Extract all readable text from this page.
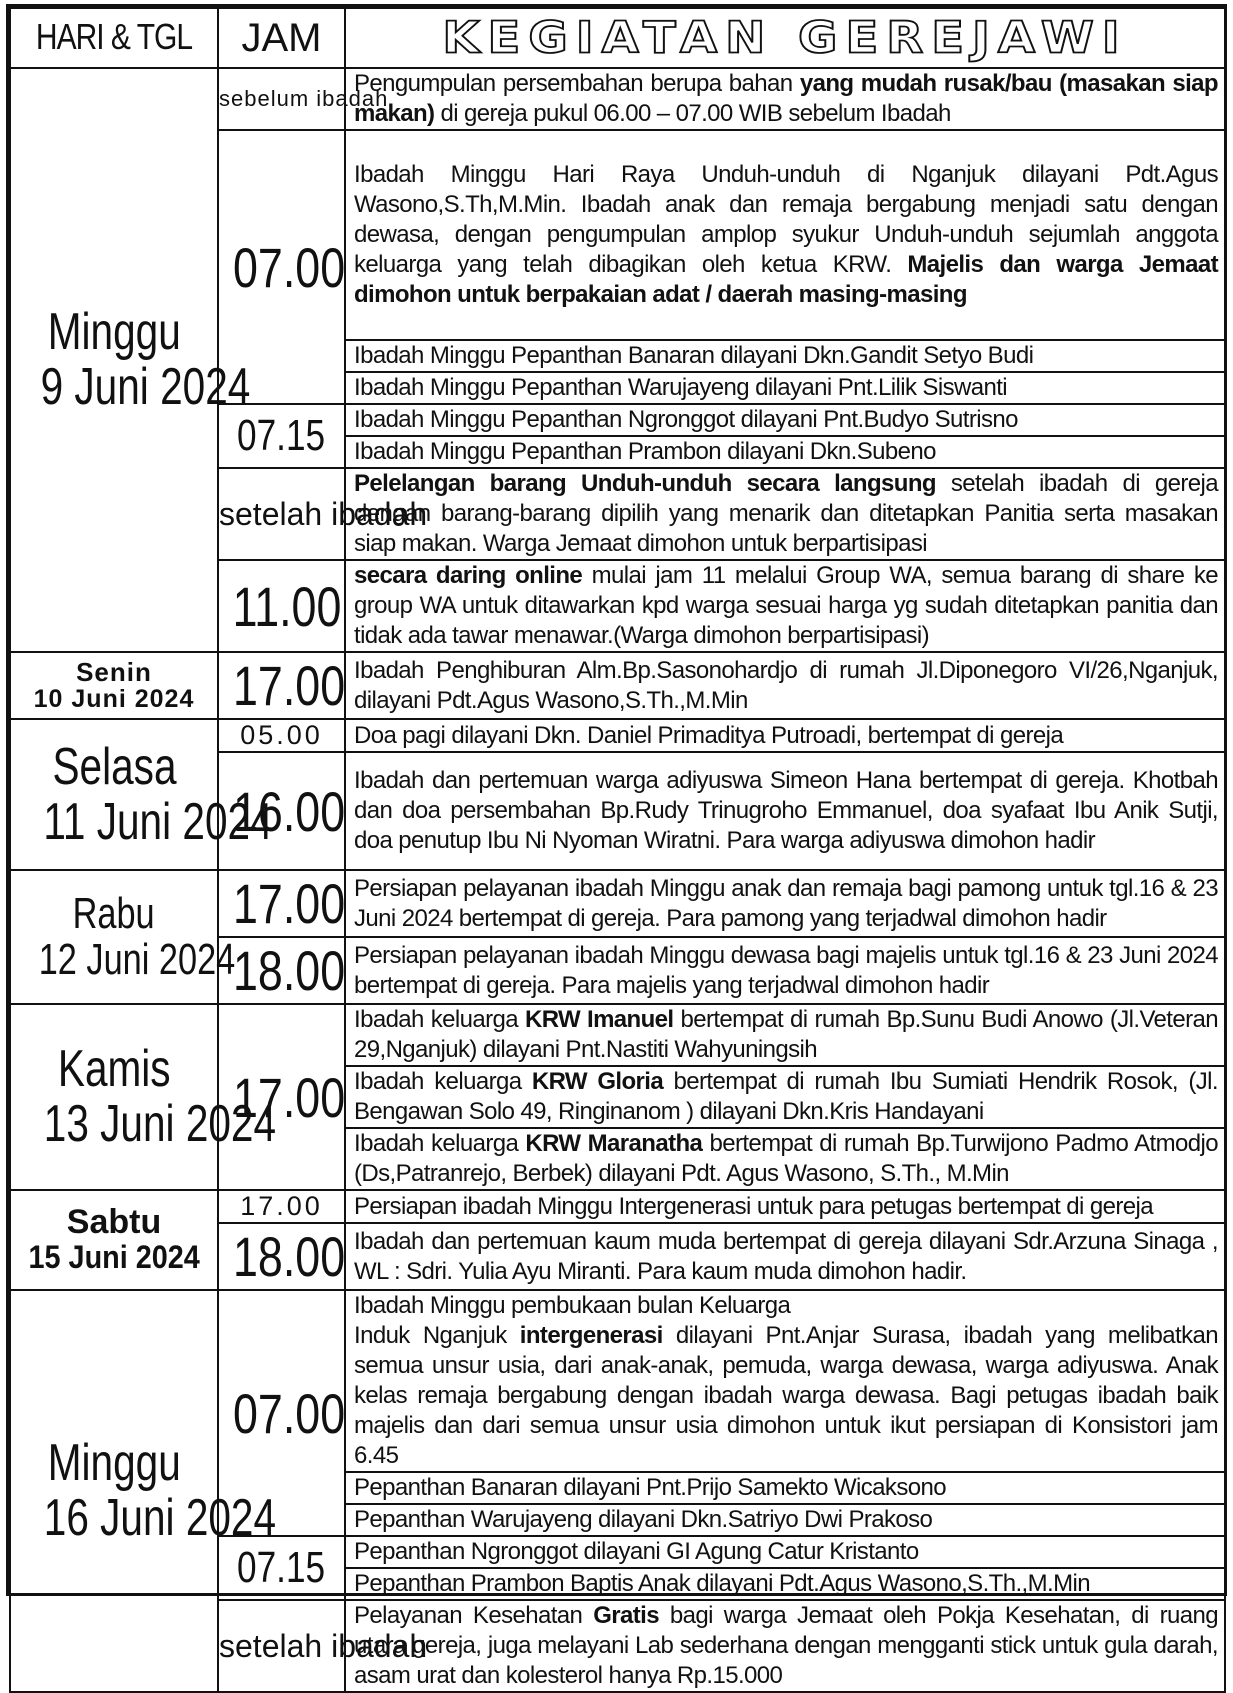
HARI & TGL	JAM	KEGIATAN GEREJAWI
Minggu
9 Juni 2024	sebelum ibadah	Pengumpulan persembahan berupa bahan yang mudah rusak/bau (masakan siap makan) di gereja pukul 06.00 – 07.00 WIB sebelum Ibadah

	07.00	Ibadah Minggu Hari Raya Unduh-unduh di Nganjuk dilayani Pdt.Agus Wasono,S.Th,M.Min. Ibadah anak dan remaja bergabung menjadi satu dengan dewasa, dengan pengumpulan amplop syukur Unduh-unduh sejumlah anggota keluarga yang telah dibagikan oleh ketua KRW. Majelis dan warga Jemaat dimohon untuk berpakaian adat / daerah masing-masing

		Ibadah Minggu Pepanthan Banaran dilayani Dkn.Gandit Setyo Budi

		Ibadah Minggu Pepanthan Warujayeng dilayani Pnt.Lilik Siswanti

	07.15	Ibadah Minggu Pepanthan Ngronggot dilayani Pnt.Budyo Sutrisno

		Ibadah Minggu Pepanthan Prambon dilayani Dkn.Subeno

	setelah ibadah	Pelelangan barang Unduh-unduh secara langsung setelah ibadah di gereja dengan barang-barang dipilih yang menarik dan ditetapkan Panitia serta masakan siap makan. Warga Jemaat dimohon untuk berpartisipasi

	11.00	secara daring online mulai jam 11 melalui Group WA, semua barang di share ke group WA untuk ditawarkan kpd warga sesuai harga yg sudah ditetapkan panitia dan tidak ada tawar menawar.(Warga dimohon berpartisipasi)

Senin
10 Juni 2024	17.00	Ibadah Penghiburan Alm.Bp.Sasonohardjo di rumah Jl.Diponegoro VI/26,Nganjuk, dilayani Pdt.Agus Wasono,S.Th.,M.Min

Selasa
11 Juni 2024	05.00	Doa pagi dilayani Dkn. Daniel Primaditya Putroadi, bertempat di gereja

	16.00	Ibadah dan pertemuan warga adiyuswa Simeon Hana bertempat di gereja. Khotbah dan doa persembahan Bp.Rudy Trinugroho Emmanuel, doa syafaat Ibu Anik Sutji, doa penutup Ibu Ni Nyoman Wiratni. Para warga adiyuswa dimohon hadir

Rabu
12 Juni 2024	17.00	Persiapan pelayanan ibadah Minggu anak dan remaja bagi pamong untuk tgl.16 & 23 Juni 2024 bertempat di gereja. Para pamong yang terjadwal dimohon hadir

	18.00	Persiapan pelayanan ibadah Minggu dewasa bagi majelis untuk tgl.16 & 23 Juni 2024 bertempat di gereja. Para majelis yang terjadwal dimohon hadir

Kamis
13 Juni 2024	17.00	Ibadah keluarga KRW Imanuel bertempat di rumah Bp.Sunu Budi Anowo (Jl.Veteran 29,Nganjuk) dilayani Pnt.Nastiti Wahyuningsih

		Ibadah keluarga KRW Gloria bertempat di rumah Ibu Sumiati Hendrik Rosok, (Jl. Bengawan Solo 49, Ringinanom ) dilayani Dkn.Kris Handayani

		Ibadah keluarga KRW Maranatha bertempat di rumah Bp.Turwijono Padmo Atmodjo (Ds,Patranrejo, Berbek) dilayani Pdt. Agus Wasono, S.Th., M.Min

Sabtu
15 Juni 2024	17.00	Persiapan ibadah Minggu Intergenerasi untuk para petugas bertempat di gereja

	18.00	Ibadah dan pertemuan kaum muda bertempat di gereja dilayani Sdr.Arzuna Sinaga , WL : Sdri. Yulia Ayu Miranti. Para kaum muda dimohon hadir.

Minggu
16 Juni 2024	07.00	Ibadah Minggu pembukaan bulan Keluarga
Induk Nganjuk intergenerasi dilayani Pnt.Anjar Surasa, ibadah yang melibatkan semua unsur usia, dari anak-anak, pemuda, warga dewasa, warga adiyuswa. Anak kelas remaja bergabung dengan ibadah warga dewasa. Bagi petugas ibadah baik majelis dan dari semua unsur usia dimohon untuk ikut persiapan di Konsistori jam 6.45

		Pepanthan Banaran dilayani Pnt.Prijo Samekto Wicaksono

		Pepanthan Warujayeng dilayani Dkn.Satriyo Dwi Prakoso

	07.15	Pepanthan Ngronggot dilayani GI Agung Catur Kristanto

		Pepanthan Prambon Baptis Anak dilayani Pdt.Agus Wasono,S.Th.,M.Min

	setelah ibadah	Pelayanan Kesehatan Gratis bagi warga Jemaat oleh Pokja Kesehatan, di ruang utara gereja, juga melayani Lab sederhana dengan mengganti stick untuk gula darah, asam urat dan kolesterol hanya Rp.15.000
